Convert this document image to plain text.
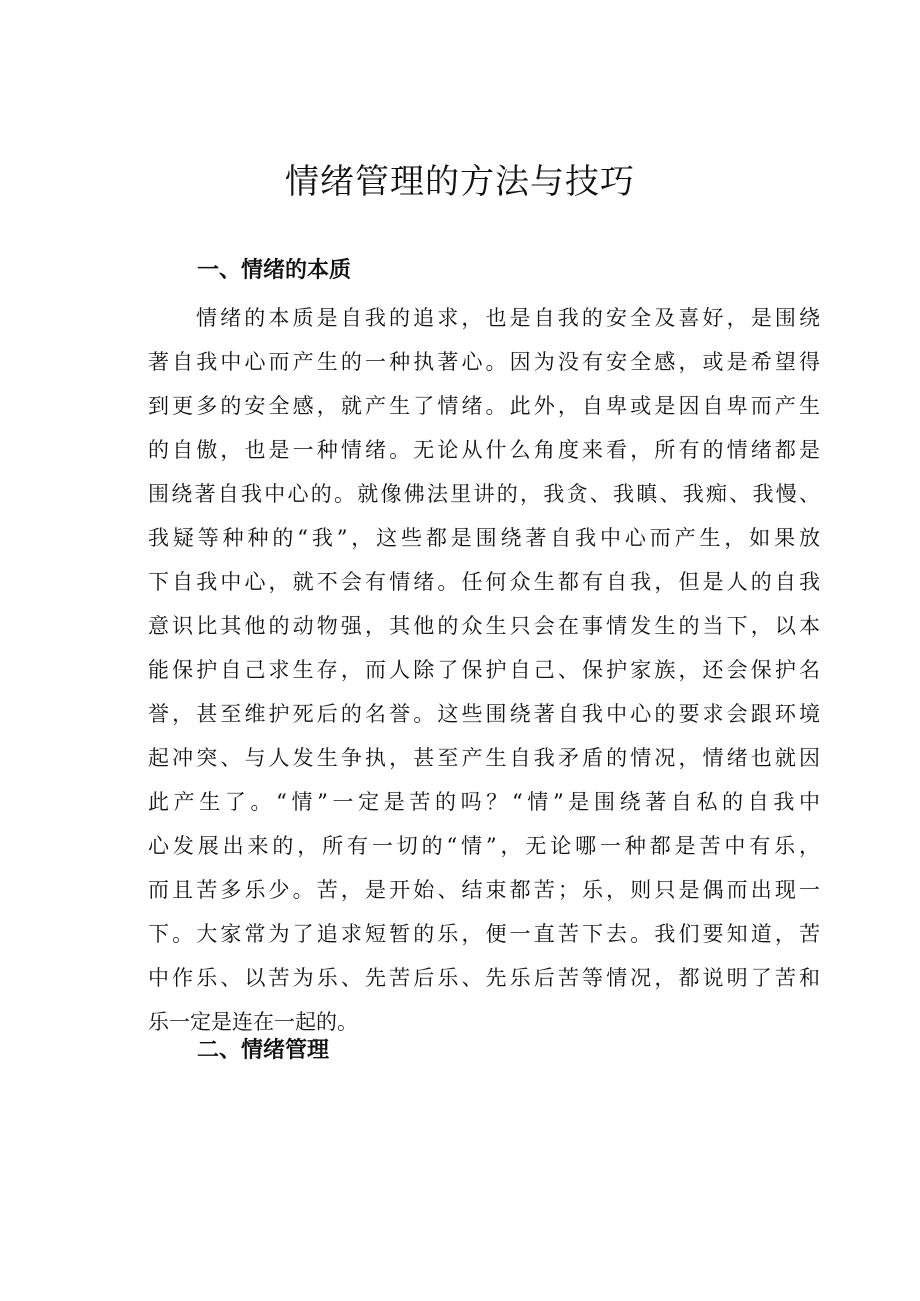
情绪管理的方法与技巧
一、情绪的本质
情绪的本质是自我的追求，也是自我的安全及喜好，是围绕
著自我中心而产生的一种执著心。因为没有安全感，或是希望得
到更多的安全感，就产生了情绪。此外，自卑或是因自卑而产生
的自傲，也是一种情绪。无论从什么角度来看，所有的情绪都是
围绕著自我中心的。就像佛法里讲的，我贪、我瞋、我痴、我慢、
我疑等种种的“我”，这些都是围绕著自我中心而产生，如果放
下自我中心，就不会有情绪。任何众生都有自我，但是人的自我
意识比其他的动物强，其他的众生只会在事情发生的当下，以本
能保护自己求生存，而人除了保护自己、保护家族，还会保护名
誉，甚至维护死后的名誉。这些围绕著自我中心的要求会跟环境
起冲突、与人发生争执，甚至产生自我矛盾的情况，情绪也就因
此产生了。“情”一定是苦的吗？“情”是围绕著自私的自我中
心发展出来的，所有一切的“情”，无论哪一种都是苦中有乐，
而且苦多乐少。苦，是开始、结束都苦；乐，则只是偶而出现一
下。大家常为了追求短暂的乐，便一直苦下去。我们要知道，苦
中作乐、以苦为乐、先苦后乐、先乐后苦等情况，都说明了苦和
乐一定是连在一起的。
二、情绪管理
